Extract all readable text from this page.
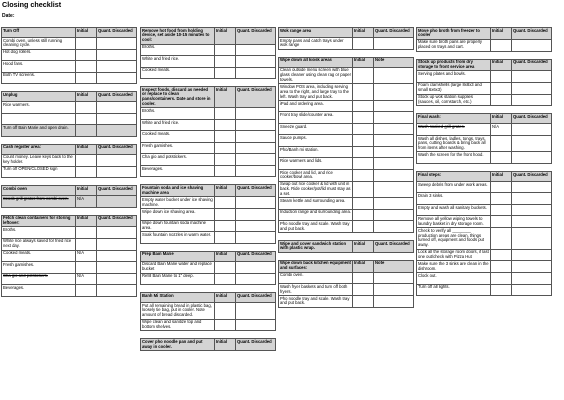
Closing checklist
Date:
Turn Off	Initial	Quant. Discarded
Combi oven, unless still running cleaning cycle.		
Hot dog rollers.		
Hood fans.		
Both TV screens.		
Unplug	Initial	Quant. Discarded
Rice warmers.		

Turn off Bain Marie and open drain.		
Cash register area:	Initial	Quant. Discarded
Count money. Leave keys back to the key holder.		
Turn off OPEN/CLOSED sign		
Combi oven	Initial	Quant. Discarded
Scoob grill gratos from combi oven.	N/A	
Fetch clean containers for storing leftover:	Initial	Quant. Discarded
Broths.		
White rice always saved for fried rice next day.		
Cooked meats.	N/A	
Fresh garnishes.		
Cha gio and potstickers.	N/A	
Beverages.		
Remove hot food from holding device, set aside 10-15 minutes to cool:	Initial	Quant. Discarded
Broths.		
White and fried rice.		
Cooked meats.		
Inspect foods, discard as needed or replace to clean pans/containers. Date and store in cooler.	Initial	Quant. Discarded
Broths.		
White and fried rice.		
Cooked meats.		
Fresh garnishes.		
Cha gio and potstickers.		
Beverages.		
Fountain soda and ice shaving machine area	Initial	Quant. Discarded
Empty water bucket under ice shaving machine.		
Wipe down ice shaving area.		
Wipe down fountain soda machine area.		
Soak fountain nozzles in warm water.		
Prep Bain Marie	Initial	Quant. Discarded
Discard Bain Marie water and replace bucket		
Refill Bain Marie to 1" deep.		
Banh Mi Station	Initial	Quant. Discarded
Put all remaining bread in plastic bag, loosely tie bag, put in cooler. Note amount of bread discarded.		
Wipe clean and sanitize top and bottom shelves.		
Cover pho noodle pan and put away in cooler.	Initial	Quant. Discarded
Wok range area	Initial	Quant. Discarded
Empty pans and catch trays under wok range		
Wipe down all kiosk areas	Initial	Note
Clean outside menu screen with blue glass cleaner using clean rag or paper towels.		
Window POS area, including serving area to the right, and large tray to the left. Wash tray and put back.		
iPad and ordering area.		
Front tray slide/counter area.		
Sneeze guard.		
Sauce pumps.		
Pho/Banh mi station.		
Rice warmers and lids.		
Rice cooker and lid, and rice cooker/bowl area.		
Swap out rice cooker & lid with unit in back. Ride cooker/pot/lid must stay as a set.		
Steam kettle and surrounding area.		
Induction range and surrounding area.		
Pho noodle tray and scale. Wash tray and put back.		
Wipe and cover sandwich station with plastic wrap.	Initial	Quant. Discarded
Wipe down back kitchen equipment and surfaces:	Initial	Note
Combi oven.		
Wash fryer baskets and turn off both fryers.		
Pho noodle tray and scale. Wash tray and put back.		
Move pho broth from freezer to cooler	Initial	Quant. Discarded
Make sure broth pans are properly placed on trays and cart.		
Stock up products from dry storage to front service area	Initial	Quant. Discarded
Serving plates and bowls.		
Foam clamshells (large 8x8x3 and small 6x6x3)		
Stock up wok station supplies (sauces, oil, cornstarch, etc.)		
Final wash:	Initial	Quant. Discarded
Wash soaked grill grates.	N/A	
Wash all dishes, ladles, tongs, trays, pans, cutting boards & bring back all from items after washing.		
Wash the screen for the front hood.		
Final steps:	Initial	Quant. Discarded
Sweep debris from under work areas.		
Drain 3 sinks.		
Empty and wash all sanitary buckets.		
Remove all yellow wiping towels to laundry basket in dry storage room.		
Check to verify all ________ production areas are clean, things turned off, equipment and foods put away.		
Lock all the storage room doors, if last one out/check with Pizza Hut		
Make sure the 3 sinks are clean in the dishroom.		
Clock out.		
Turn off all lights.		
